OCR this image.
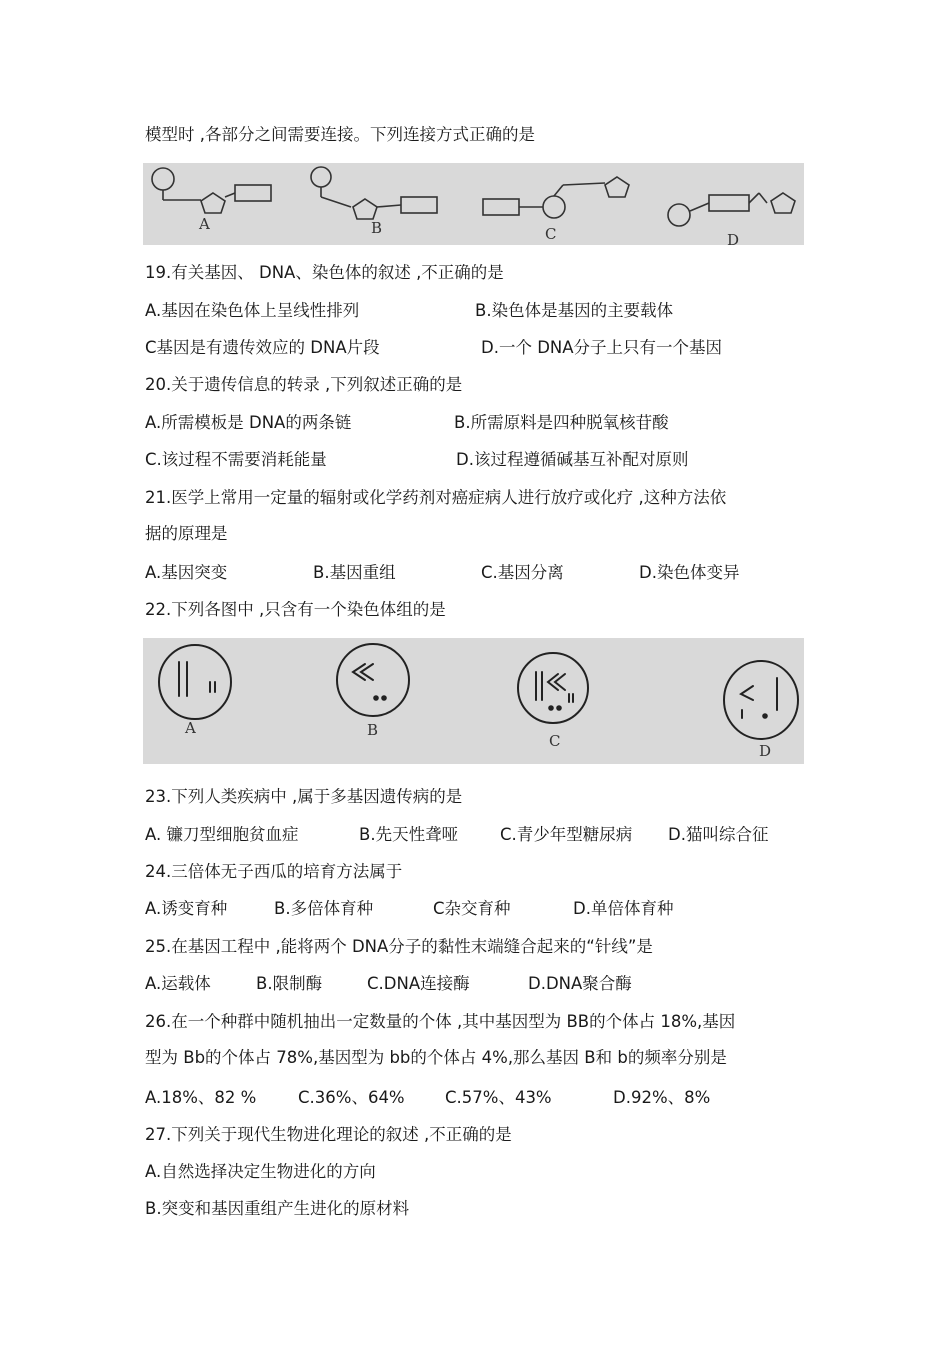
模型时 ,各部分之间需要连接。下列连接方式正确的是
A	B	C	D
19.有关基因、 DNA、染色体的叙述 ,不正确的是
A.基因在染色体上呈线性排列	B.染色体是基因的主要载体
C基因是有遗传效应的 DNA片段	D.一个 DNA分子上只有一个基因
20.关于遗传信息的转录 ,下列叙述正确的是
A.所需模板是 DNA的两条链	B.所需原料是四种脱氧核苷酸
C.该过程不需要消耗能量	D.该过程遵循碱基互补配对原则
21.医学上常用一定量的辐射或化学药剂对癌症病人进行放疗或化疗 ,这种方法依
据的原理是
A.基因突变	B.基因重组	C.基因分离	D.染色体变异
22.下列各图中 ,只含有一个染色体组的是
A	B
C
D
23.下列人类疾病中 ,属于多基因遗传病的是
A. 镰刀型细胞贫血症	B.先天性聋哑	C.青少年型糖尿病 D.猫叫综合征
24.三倍体无子西瓜的培育方法属于
A.诱变育种	B.多倍体育种	C杂交育种	D.单倍体育种
25.在基因工程中 ,能将两个 DNA分子的黏性末端缝合起来的“针线”是
A.运载体	B.限制酶	C.DNA连接酶	D.DNA聚合酶
26.在一个种群中随机抽出一定数量的个体 ,其中基因型为 BB的个体占 18%,基因
型为 Bb的个体占 78%,基因型为 bb的个体占 4%,那么基因 B和 b的频率分别是
A.18%、82 %	C.36%、64% C.57%、43%	D.92%、8%
27.下列关于现代生物进化理论的叙述 ,不正确的是
A.自然选择决定生物进化的方向
B.突变和基因重组产生进化的原材料
